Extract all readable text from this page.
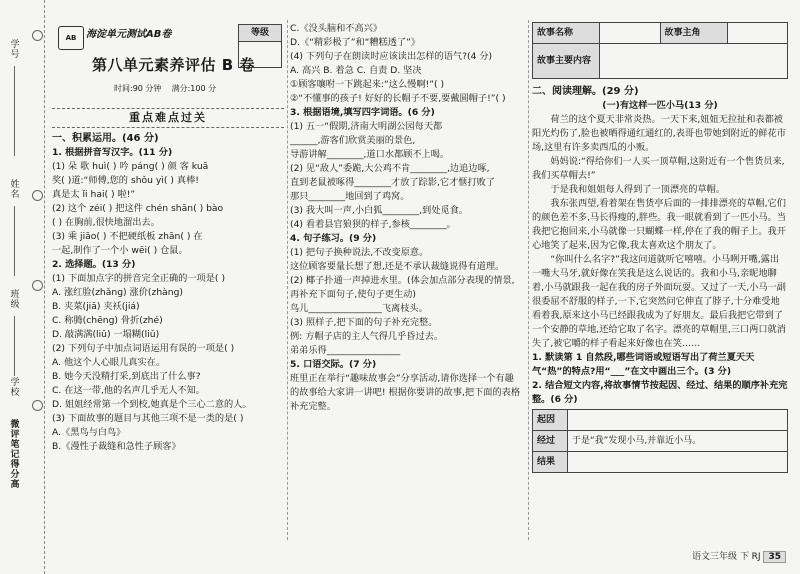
学号
姓名
班级
学校
微评笔记 得分高
AB 海淀单元测试AB卷	等级
第八单元素养评估 B 卷
时间:90 分钟 满分:100 分
重点难点过关
一、积累运用。(46 分)
1. 根据拼音写汉字。(11 分)
(1) 朵 歌 huì( ) 吟 páng( ) 颜 客 kuā
奖( )道:“师傅,您的 shǒu yì( ) 真棒!
真是太 ǐi hai( ) 啦!”
(2) 这个 zéi( ) 把这件 chén shān( ) bào
( ) 在胸前,很快地溜出去。
(3) 乘 jiāo( ) 不把硬纸板 zhān( ) 在
一起,制作了一个小 wēi( ) 仓鼠。
2. 选择题。(13 分)
(1) 下面加点字的拼音完全正确的一项是( )
A. 涨红脸(zhǎng) 涨价(zhàng)
B. 夹菜(jiā) 夹袄(jiá)
C. 称腾(chēng) 骨折(zhé)
D. 敲满满(liǔ) 一塌糊(liǔ)
(2) 下列句子中加点词语运用有误的一项是( )
A. 他这个人心眼儿真实在。
B. 她今天没精打采,到底出了什么事?
C. 在这一带,他的名声几乎无人不知。
D. 姐姐经常第一个到校,她真是个三心二意的人。
(3) 下面故事的题目与其他三项不是一类的是( )
A.《黑鸟与白鸟》
B.《漫性子裁缝和急性子顾客》
C.《没头脑和不高兴》
D.《“精彩极了”和“糟糕透了”》
(4) 下列句子在朗读时应该读出怎样的语气?(4 分)
A. 高兴 B. 着急 C. 自责 D. 坚决
①顾客嚷咐一下跳起来:“这么慢啊!”( )
②“不懂事的孩子! 好好的长帽子不要,要戴圆帽子!”( )
3. 根据语境,填写四字词语。(6 分)
(1) 五一“假期,济南大明湖公园每天都
______,游客们欣赏美丽的景色,
导游讲解________,道口水都顾不上喝。
(2) 见“敌人”委跪,大公鸡不肯________,边追边啄,
直到老鼠被啄得________才放了踪影,它才惬打败了
那只________地回到了鸡窝。
(3) 我大叫一声,小白狐________,到处觅食。
(4) 看着县官狼狈的样子,参核________。
4. 句子练习。(9 分)
(1) 把句子换种说法,不改变原意。
这位顾客要量长想了想,还是不承认裁缝说得有道理。
(2) 椰子扑通一声掉进水里。(体会加点部分表现的情景,再补充下面句子,使句子更生动)
鸟儿________________飞离枝头。
(3) 照样子,把下面的句子补充完整。
例: 方帽子店的主人气得几乎昏过去。
弟弟乐得________________
5. 口语交际。(7 分)
班里正在举行“趣味故事会”分享活动,请你选择一个有趣的故事给大家讲一讲吧! 根据你要讲的故事,把下面的表格补充完整。
故事名称		故事主角	
故事主要内容			
二、阅读理解。(29 分)
(一)有这样一匹小马(13 分)

荷兰的这个夏天非常炎热。一天下来,妞妞无拉扯和表都被阳光灼伤了,脸也被晒得通红通红的,表哥也带她到附近的鲜花市场,这里有许多卖西瓜的小贩。

妈妈说:“得给你们一人买一顶草帽,这附近有一个售货员来,我们买草帽去!”

于是我和姐姐每人得到了一顶漂亮的草帽。

我东张西望,看着架在售货亭后面的一排排漂亮的草帽,它们的颜色差不多,马长得瘦的,胖些。我一眼就看到了一匹小马。当我把它抱回来,小马就像一只蝴蝶一样,停在了我的帽子上。我开心地笑了起来,因为它像,我太喜欢这个朋友了。

“你叫什么名字?”我这问道就听它嘻嘻。小马咧开嘴,露出一嘴大马牙,就好像在笑我是这么说话的。我和小马,亲昵地聊着,小马就跟我一起在我的房子外面玩耍。又过了一天,小马一副很委屈不舒服的样子,一下,它突然问它伸直了脖子,十分难受地看着我,原来这小马已经跟我成为了好朋友。最后我把它带到了一个安静的草地,还给它取了名字。漂亮的草帽里,三口两口就消失了,被它嚼的样子看起来好像也在笑……

1. 默读第 1 自然段,哪些词语或短语写出了荷兰夏天天气“热”的特点?用“___”在文中画出三个。(3 分)
2. 结合短文内容,将故事情节按起因、经过、结果的顺序补充完整。(6 分)
起因	
经过	于是“我”发现小马,并靠近小马。
结果	
语文三年级 下 RJ 35
